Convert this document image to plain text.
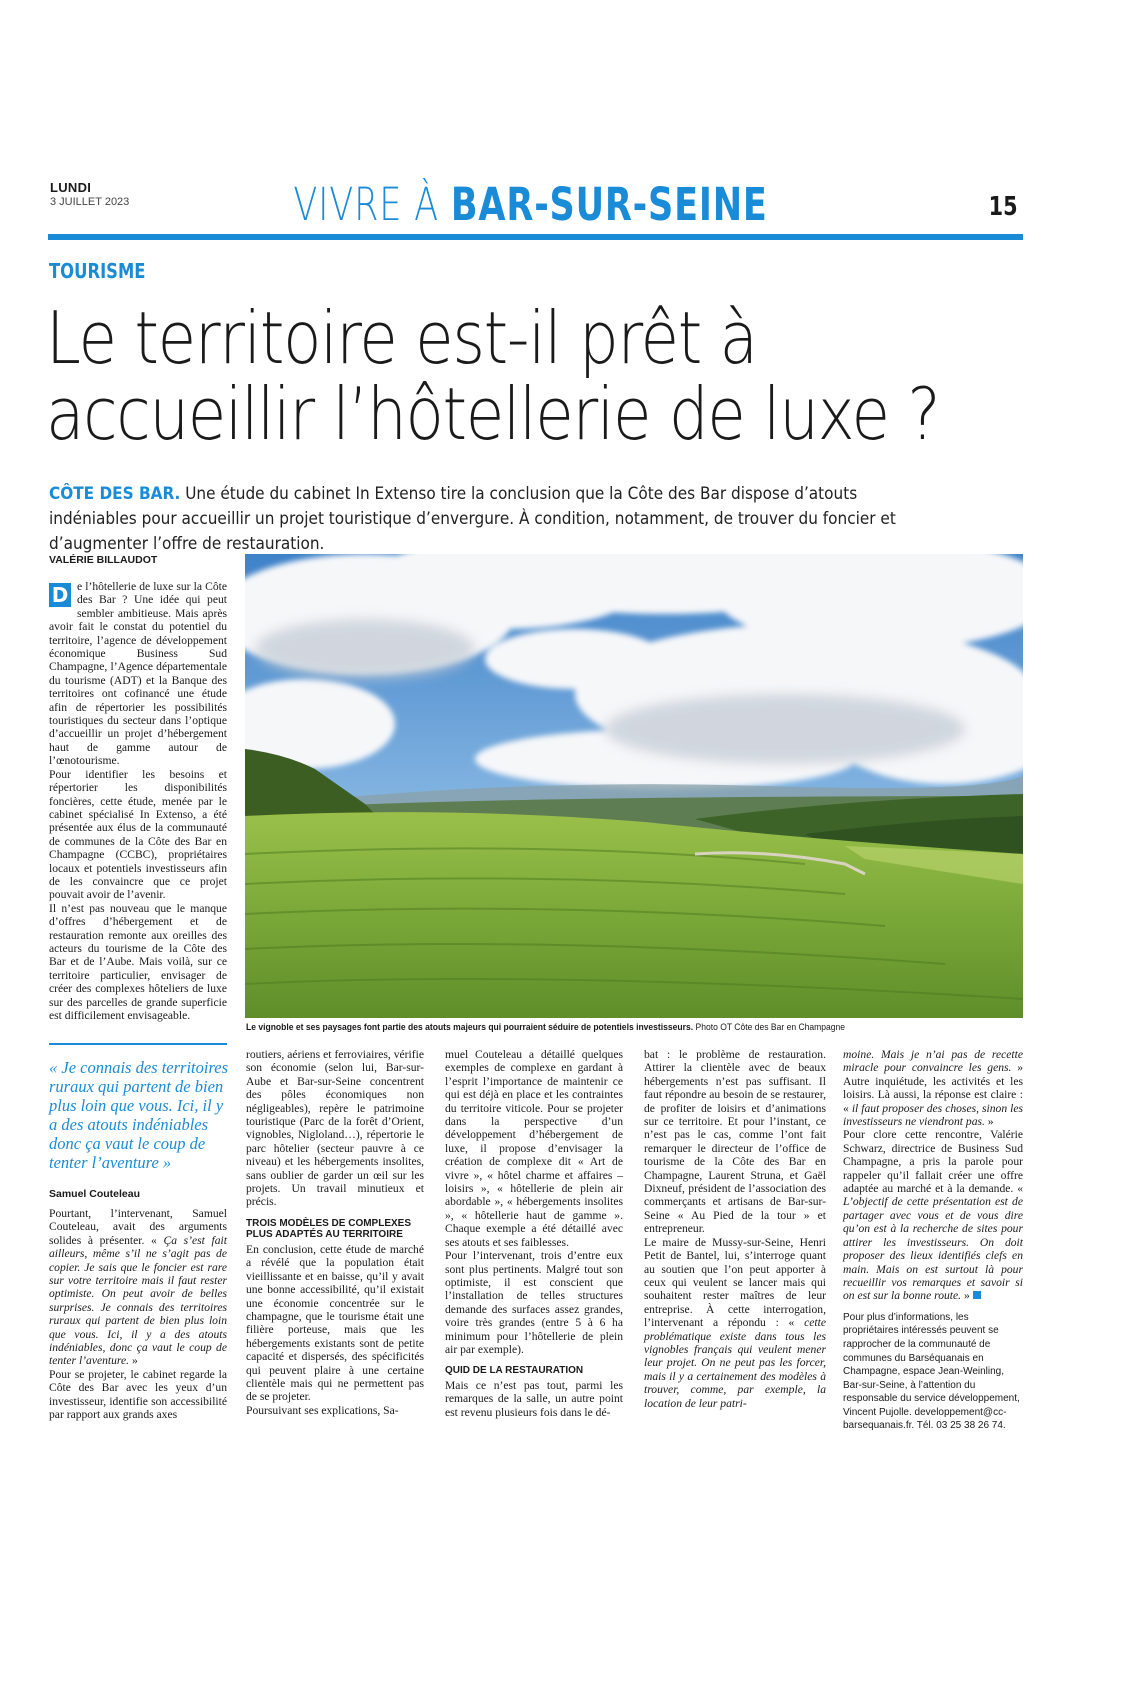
LUNDI
3 JUILLET 2023	VIVRE À BAR-SUR-SEINE	15
TOURISME
Le territoire est-il prêt à
accueillir l’hôtellerie de luxe ?
CÔTE DES BAR. Une étude du cabinet In Extenso tire la conclusion que la Côte des Bar dispose d’atouts indéniables pour accueillir un projet touristique d’envergure. À condition, notamment, de trouver du foncier et d’augmenter l’offre de restauration.
VALÉRIE BILLAUDOT

D e l’hôtellerie de luxe sur la Côte des Bar ? Une idée qui peut sembler ambitieuse. Mais après avoir fait le constat du potentiel du territoire, l’agence de développement économique Business Sud Champagne, l’Agence départementale du tourisme (ADT) et la Banque des territoires ont cofinancé une étude afin de répertorier les possibilités touristiques du secteur dans l’optique d’accueillir un projet d’hébergement haut de gamme autour de l’œnotourisme.

Pour identifier les besoins et répertorier les disponibilités foncières, cette étude, menée par le cabinet spécialisé In Extenso, a été présentée aux élus de la communauté de communes de la Côte des Bar en Champagne (CCBC), propriétaires locaux et potentiels investisseurs afin de les convaincre que ce projet pouvait avoir de l’avenir.

Il n’est pas nouveau que le manque d’offres d’hébergement et de restauration remonte aux oreilles des acteurs du tourisme de la Côte des Bar et de l’Aube. Mais voilà, sur ce territoire particulier, envisager de créer des complexes hôteliers de luxe sur des parcelles de grande superficie est difficilement envisageable.

Le vignoble et ses paysages font partie des atouts majeurs qui pourraient séduire de potentiels investisseurs. Photo OT Côte des Bar en Champagne
« Je connais des territoires ruraux qui partent de bien plus loin que vous. Ici, il y a des atouts indéniables donc ça vaut le coup de tenter l’aventure »
Samuel Couteleau

Pourtant, l’intervenant, Samuel Couteleau, avait des arguments solides à présenter. « Ça s’est fait ailleurs, même s’il ne s’agit pas de copier. Je sais que le foncier est rare sur votre territoire mais il faut rester optimiste. On peut avoir de belles surprises. Je connais des territoires ruraux qui partent de bien plus loin que vous. Ici, il y a des atouts indéniables, donc ça vaut le coup de tenter l’aventure. »

Pour se projeter, le cabinet regarde la Côte des Bar avec les yeux d’un investisseur, identifie son accessibilité par rapport aux grands axes

routiers, aériens et ferroviaires, vérifie son économie (selon lui, Bar-sur-Aube et Bar-sur-Seine concentrent des pôles économiques non négligeables), repère le patrimoine touristique (Parc de la forêt d’Orient, vignobles, Nigloland…), répertorie le parc hôtelier (secteur pauvre à ce niveau) et les hébergements insolites, sans oublier de garder un œil sur les projets. Un travail minutieux et précis.

TROIS MODÈLES DE COMPLEXES PLUS ADAPTÉS AU TERRITOIRE

En conclusion, cette étude de marché a révélé que la population était vieillissante et en baisse, qu’il y avait une bonne accessibilité, qu’il existait une économie concentrée sur le champagne, que le tourisme était une filière porteuse, mais que les hébergements existants sont de petite capacité et dispersés, des spécificités qui peuvent plaire à une certaine clientèle mais qui ne permettent pas de se projeter.

Poursuivant ses explications, Sa-

muel Couteleau a détaillé quelques exemples de complexe en gardant à l’esprit l’importance de maintenir ce qui est déjà en place et les contraintes du territoire viticole. Pour se projeter dans la perspective d’un développement d’hébergement de luxe, il propose d’envisager la création de complexe dit « Art de vivre », « hôtel charme et affaires – loisirs », « hôtellerie de plein air abordable », « hébergements insolites », « hôtellerie haut de gamme ». Chaque exemple a été détaillé avec ses atouts et ses faiblesses.

Pour l’intervenant, trois d’entre eux sont plus pertinents. Malgré tout son optimiste, il est conscient que l’installation de telles structures demande des surfaces assez grandes, voire très grandes (entre 5 à 6 ha minimum pour l’hôtellerie de plein air par exemple).

QUID DE LA RESTAURATION

Mais ce n’est pas tout, parmi les remarques de la salle, un autre point est revenu plusieurs fois dans le dé-

bat : le problème de restauration. Attirer la clientèle avec de beaux hébergements n’est pas suffisant. Il faut répondre au besoin de se restaurer, de profiter de loisirs et d’animations sur ce territoire. Et pour l’instant, ce n’est pas le cas, comme l’ont fait remarquer le directeur de l’office de tourisme de la Côte des Bar en Champagne, Laurent Struna, et Gaël Dixneuf, président de l’association des commerçants et artisans de Bar-sur-Seine « Au Pied de la tour » et entrepreneur.

Le maire de Mussy-sur-Seine, Henri Petit de Bantel, lui, s’interroge quant au soutien que l’on peut apporter à ceux qui veulent se lancer mais qui souhaitent rester maîtres de leur entreprise. À cette interrogation, l’intervenant a répondu : « cette problématique existe dans tous les vignobles français qui veulent mener leur projet. On ne peut pas les forcer, mais il y a certainement des modèles à trouver, comme, par exemple, la location de leur patri-

moine. Mais je n’ai pas de recette miracle pour convaincre les gens. » Autre inquiétude, les activités et les loisirs. Là aussi, la réponse est claire : « il faut proposer des choses, sinon les investisseurs ne viendront pas. »

Pour clore cette rencontre, Valérie Schwarz, directrice de Business Sud Champagne, a pris la parole pour rappeler qu’il fallait créer une offre adaptée au marché et à la demande. « L’objectif de cette présentation est de partager avec vous et de vous dire qu’on est à la recherche de sites pour attirer les investisseurs. On doit proposer des lieux identifiés clefs en main. Mais on est surtout là pour recueillir vos remarques et savoir si on est sur la bonne route. »

Pour plus d’informations, les propriétaires intéressés peuvent se rapprocher de la communauté de communes du Barséquanais en Champagne, espace Jean-Weinling, Bar-sur-Seine, à l’attention du responsable du service développement, Vincent Pujolle. developpement@cc-barsequanais.fr. Tél. 03 25 38 26 74.
